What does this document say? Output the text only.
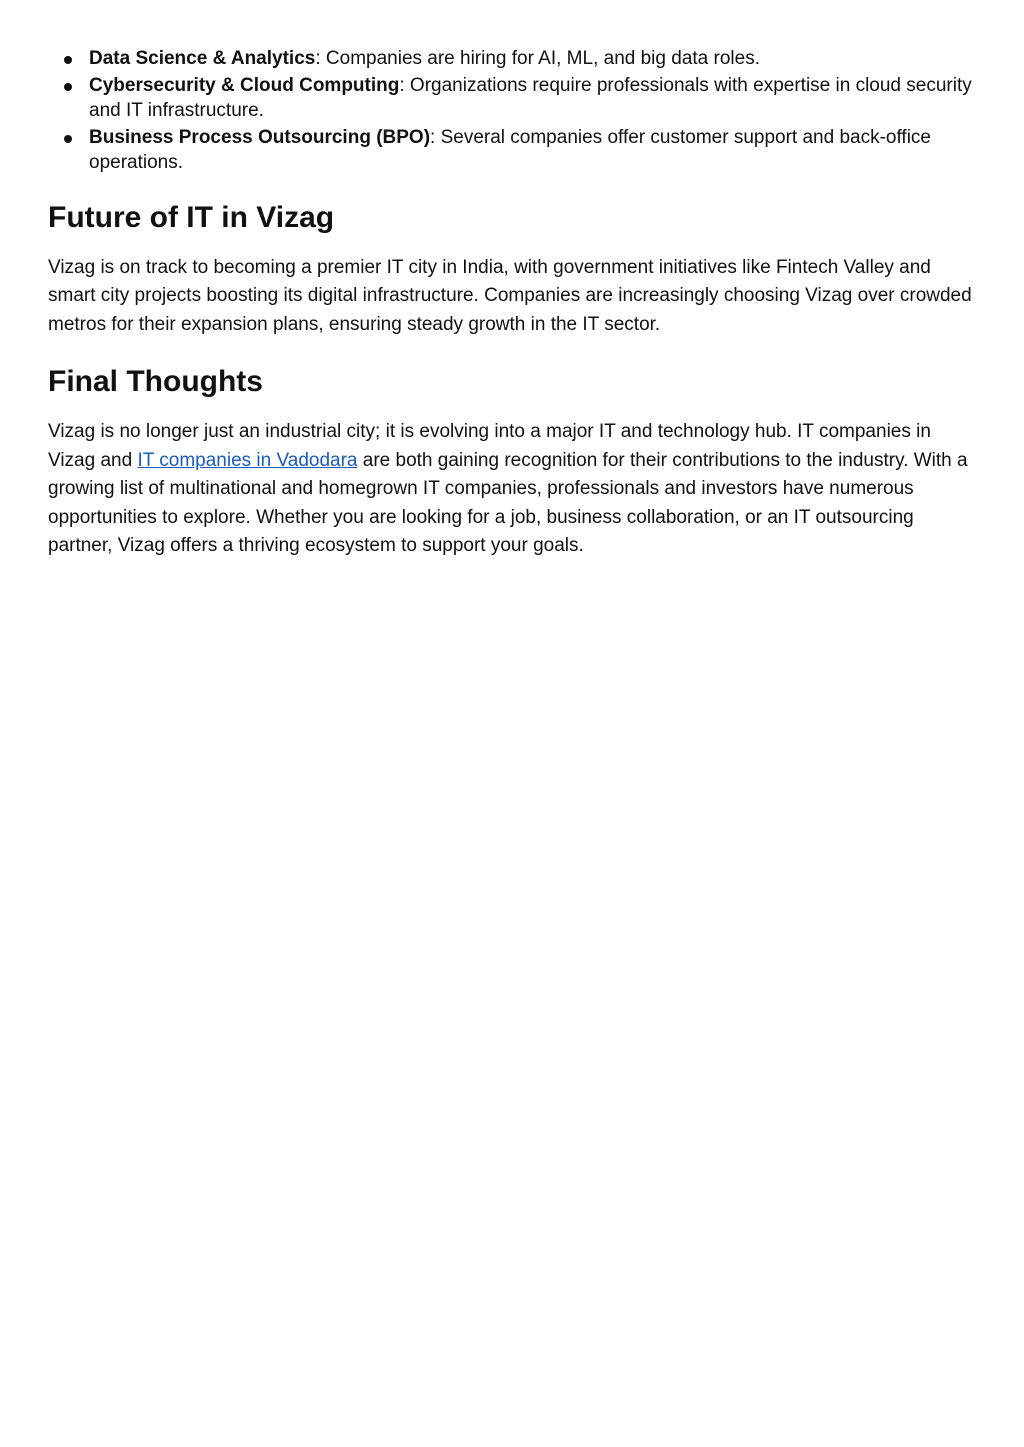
Data Science & Analytics: Companies are hiring for AI, ML, and big data roles.
Cybersecurity & Cloud Computing: Organizations require professionals with expertise in cloud security and IT infrastructure.
Business Process Outsourcing (BPO): Several companies offer customer support and back-office operations.
Future of IT in Vizag

Vizag is on track to becoming a premier IT city in India, with government initiatives like Fintech Valley and smart city projects boosting its digital infrastructure. Companies are increasingly choosing Vizag over crowded metros for their expansion plans, ensuring steady growth in the IT sector.

Final Thoughts

Vizag is no longer just an industrial city; it is evolving into a major IT and technology hub. IT companies in Vizag and IT companies in Vadodara are both gaining recognition for their contributions to the industry. With a growing list of multinational and homegrown IT companies, professionals and investors have numerous opportunities to explore. Whether you are looking for a job, business collaboration, or an IT outsourcing partner, Vizag offers a thriving ecosystem to support your goals.
